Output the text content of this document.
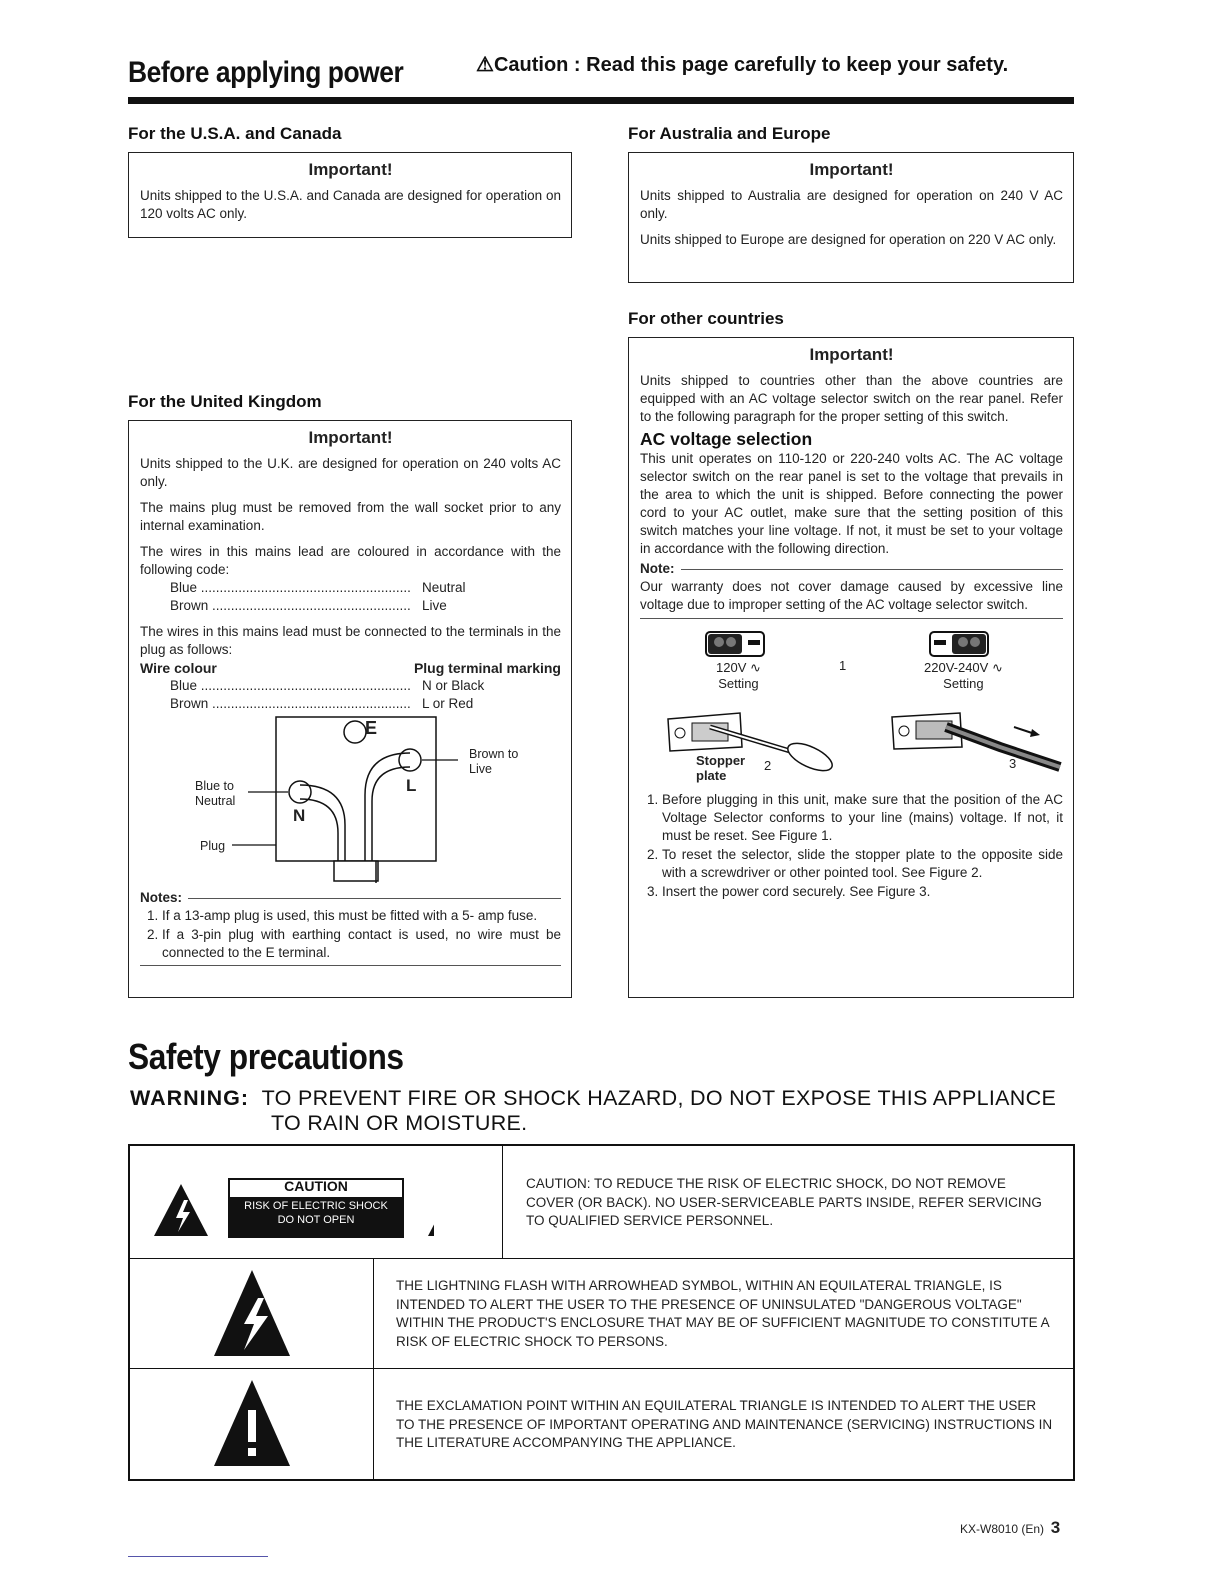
Before applying power	⚠Caution : Read this page carefully to keep your safety.
For the U.S.A. and Canada
Important!

Units shipped to the U.S.A. and Canada are designed for operation on 120 volts AC only.

For Australia and Europe
Important!

Units shipped to Australia are designed for operation on 240 V AC only.

Units shipped to Europe are designed for operation on 220 V AC only.

For other countries
Important!

Units shipped to countries other than the above countries are equipped with an AC voltage selector switch on the rear panel. Refer to the following paragraph for the proper setting of this switch.

AC voltage selection

This unit operates on 110-120 or 220-240 volts AC. The AC voltage selector switch on the rear panel is set to the voltage that prevails in the area to which the unit is shipped. Before connecting the power cord to your AC outlet, make sure that the setting position of this switch matches your line voltage. If not, it must be set to your voltage in accordance with the following direction.

Note:

Our warranty does not cover damage caused by excessive line voltage due to improper setting of the AC voltage selector switch.

120V ∿
Setting
1	220V-240V ∿
Setting
Stopper
plate
2	3
1. Before plugging in this unit, make sure that the position of the AC Voltage Selector conforms to your line (mains) voltage. If not, it must be reset. See Figure 1.
2. To reset the selector, slide the stopper plate to the opposite side with a screwdriver or other pointed tool. See Figure 2.
3. Insert the power cord securely. See Figure 3.
For the United Kingdom
Important!

Units shipped to the U.K. are designed for operation on 240 volts AC only.

The mains plug must be removed from the wall socket prior to any internal examination.

The wires in this mains lead are coloured in accordance with the following code:

Blue .....	Neutral
Brown .....	Live

The wires in this mains lead must be connected to the terminals in the plug as follows:

Wire colour	Plug terminal marking
Blue .....	N or Black
Brown .....	L or Red
E
L
N
Brown to
Live
Blue to
Neutral
Plug
Notes:
1. If a 13-amp plug is used, this must be fitted with a 5- amp fuse.
2. If a 3-pin plug with earthing contact is used, no wire must be connected to the E terminal.
Safety precautions
WARNING: TO PREVENT FIRE OR SHOCK HAZARD, DO NOT EXPOSE THIS APPLIANCE
TO RAIN OR MOISTURE.
CAUTION
RISK OF ELECTRIC SHOCK
DO NOT OPEN
CAUTION: TO REDUCE THE RISK OF ELECTRIC SHOCK, DO NOT REMOVE COVER (OR BACK). NO USER-SERVICEABLE PARTS INSIDE, REFER SERVICING TO QUALIFIED SERVICE PERSONNEL.
THE LIGHTNING FLASH WITH ARROWHEAD SYMBOL, WITHIN AN EQUILATERAL TRIANGLE, IS INTENDED TO ALERT THE USER TO THE PRESENCE OF UNINSULATED "DANGEROUS VOLTAGE" WITHIN THE PRODUCT'S ENCLOSURE THAT MAY BE OF SUFFICIENT MAGNITUDE TO CONSTITUTE A RISK OF ELECTRIC SHOCK TO PERSONS.
THE EXCLAMATION POINT WITHIN AN EQUILATERAL TRIANGLE IS INTENDED TO ALERT THE USER TO THE PRESENCE OF IMPORTANT OPERATING AND MAINTENANCE (SERVICING) INSTRUCTIONS IN THE LITERATURE ACCOMPANYING THE APPLIANCE.
KX-W8010 (En) 3
